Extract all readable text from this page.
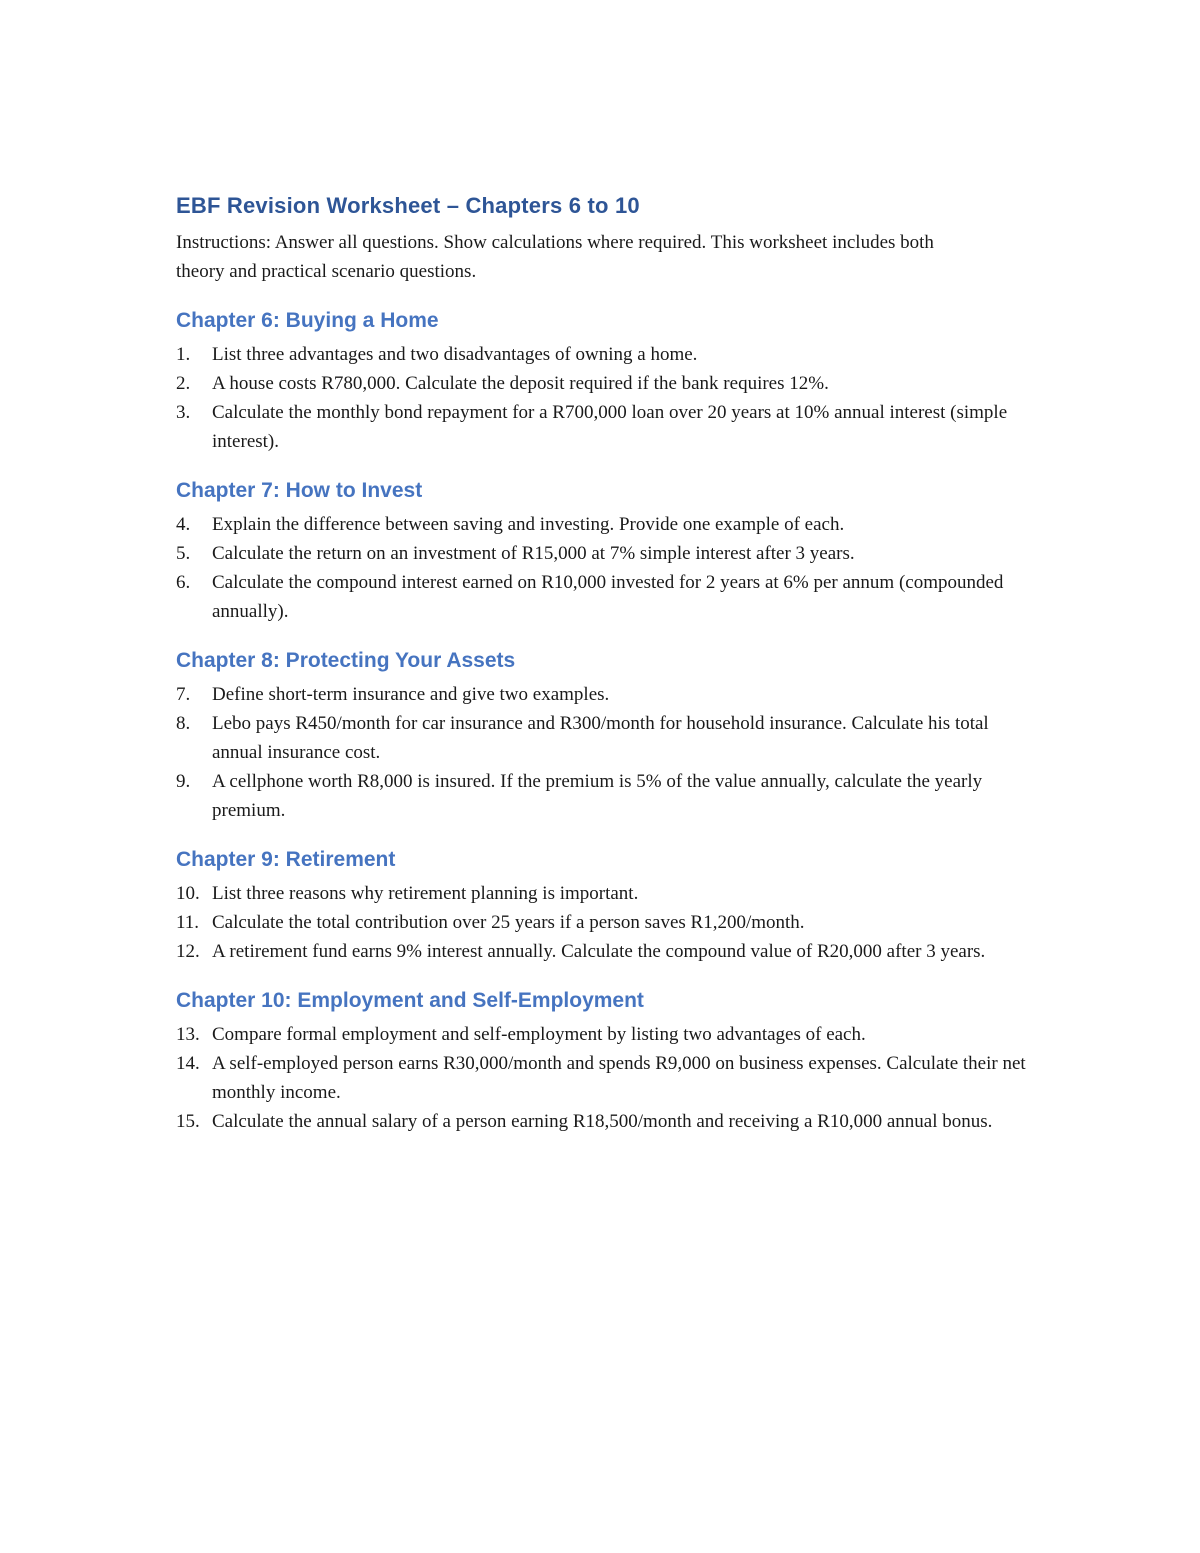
EBF Revision Worksheet – Chapters 6 to 10

Instructions: Answer all questions. Show calculations where required. This worksheet includes both theory and practical scenario questions.

Chapter 6: Buying a Home
1.	List three advantages and two disadvantages of owning a home.
2.	A house costs R780,000. Calculate the deposit required if the bank requires 12%.
3.	Calculate the monthly bond repayment for a R700,000 loan over 20 years at 10% annual interest (simple interest).
Chapter 7: How to Invest
4.	Explain the difference between saving and investing. Provide one example of each.
5.	Calculate the return on an investment of R15,000 at 7% simple interest after 3 years.
6.	Calculate the compound interest earned on R10,000 invested for 2 years at 6% per annum (compounded annually).
Chapter 8: Protecting Your Assets
7.	Define short-term insurance and give two examples.
8.	Lebo pays R450/month for car insurance and R300/month for household insurance. Calculate his total annual insurance cost.
9.	A cellphone worth R8,000 is insured. If the premium is 5% of the value annually, calculate the yearly premium.
Chapter 9: Retirement
10. List three reasons why retirement planning is important.
11. Calculate the total contribution over 25 years if a person saves R1,200/month.
12. A retirement fund earns 9% interest annually. Calculate the compound value of R20,000 after 3 years.
Chapter 10: Employment and Self-Employment
13. Compare formal employment and self-employment by listing two advantages of each.
14. A self-employed person earns R30,000/month and spends R9,000 on business expenses. Calculate their net monthly income.
15. Calculate the annual salary of a person earning R18,500/month and receiving a R10,000 annual bonus.
